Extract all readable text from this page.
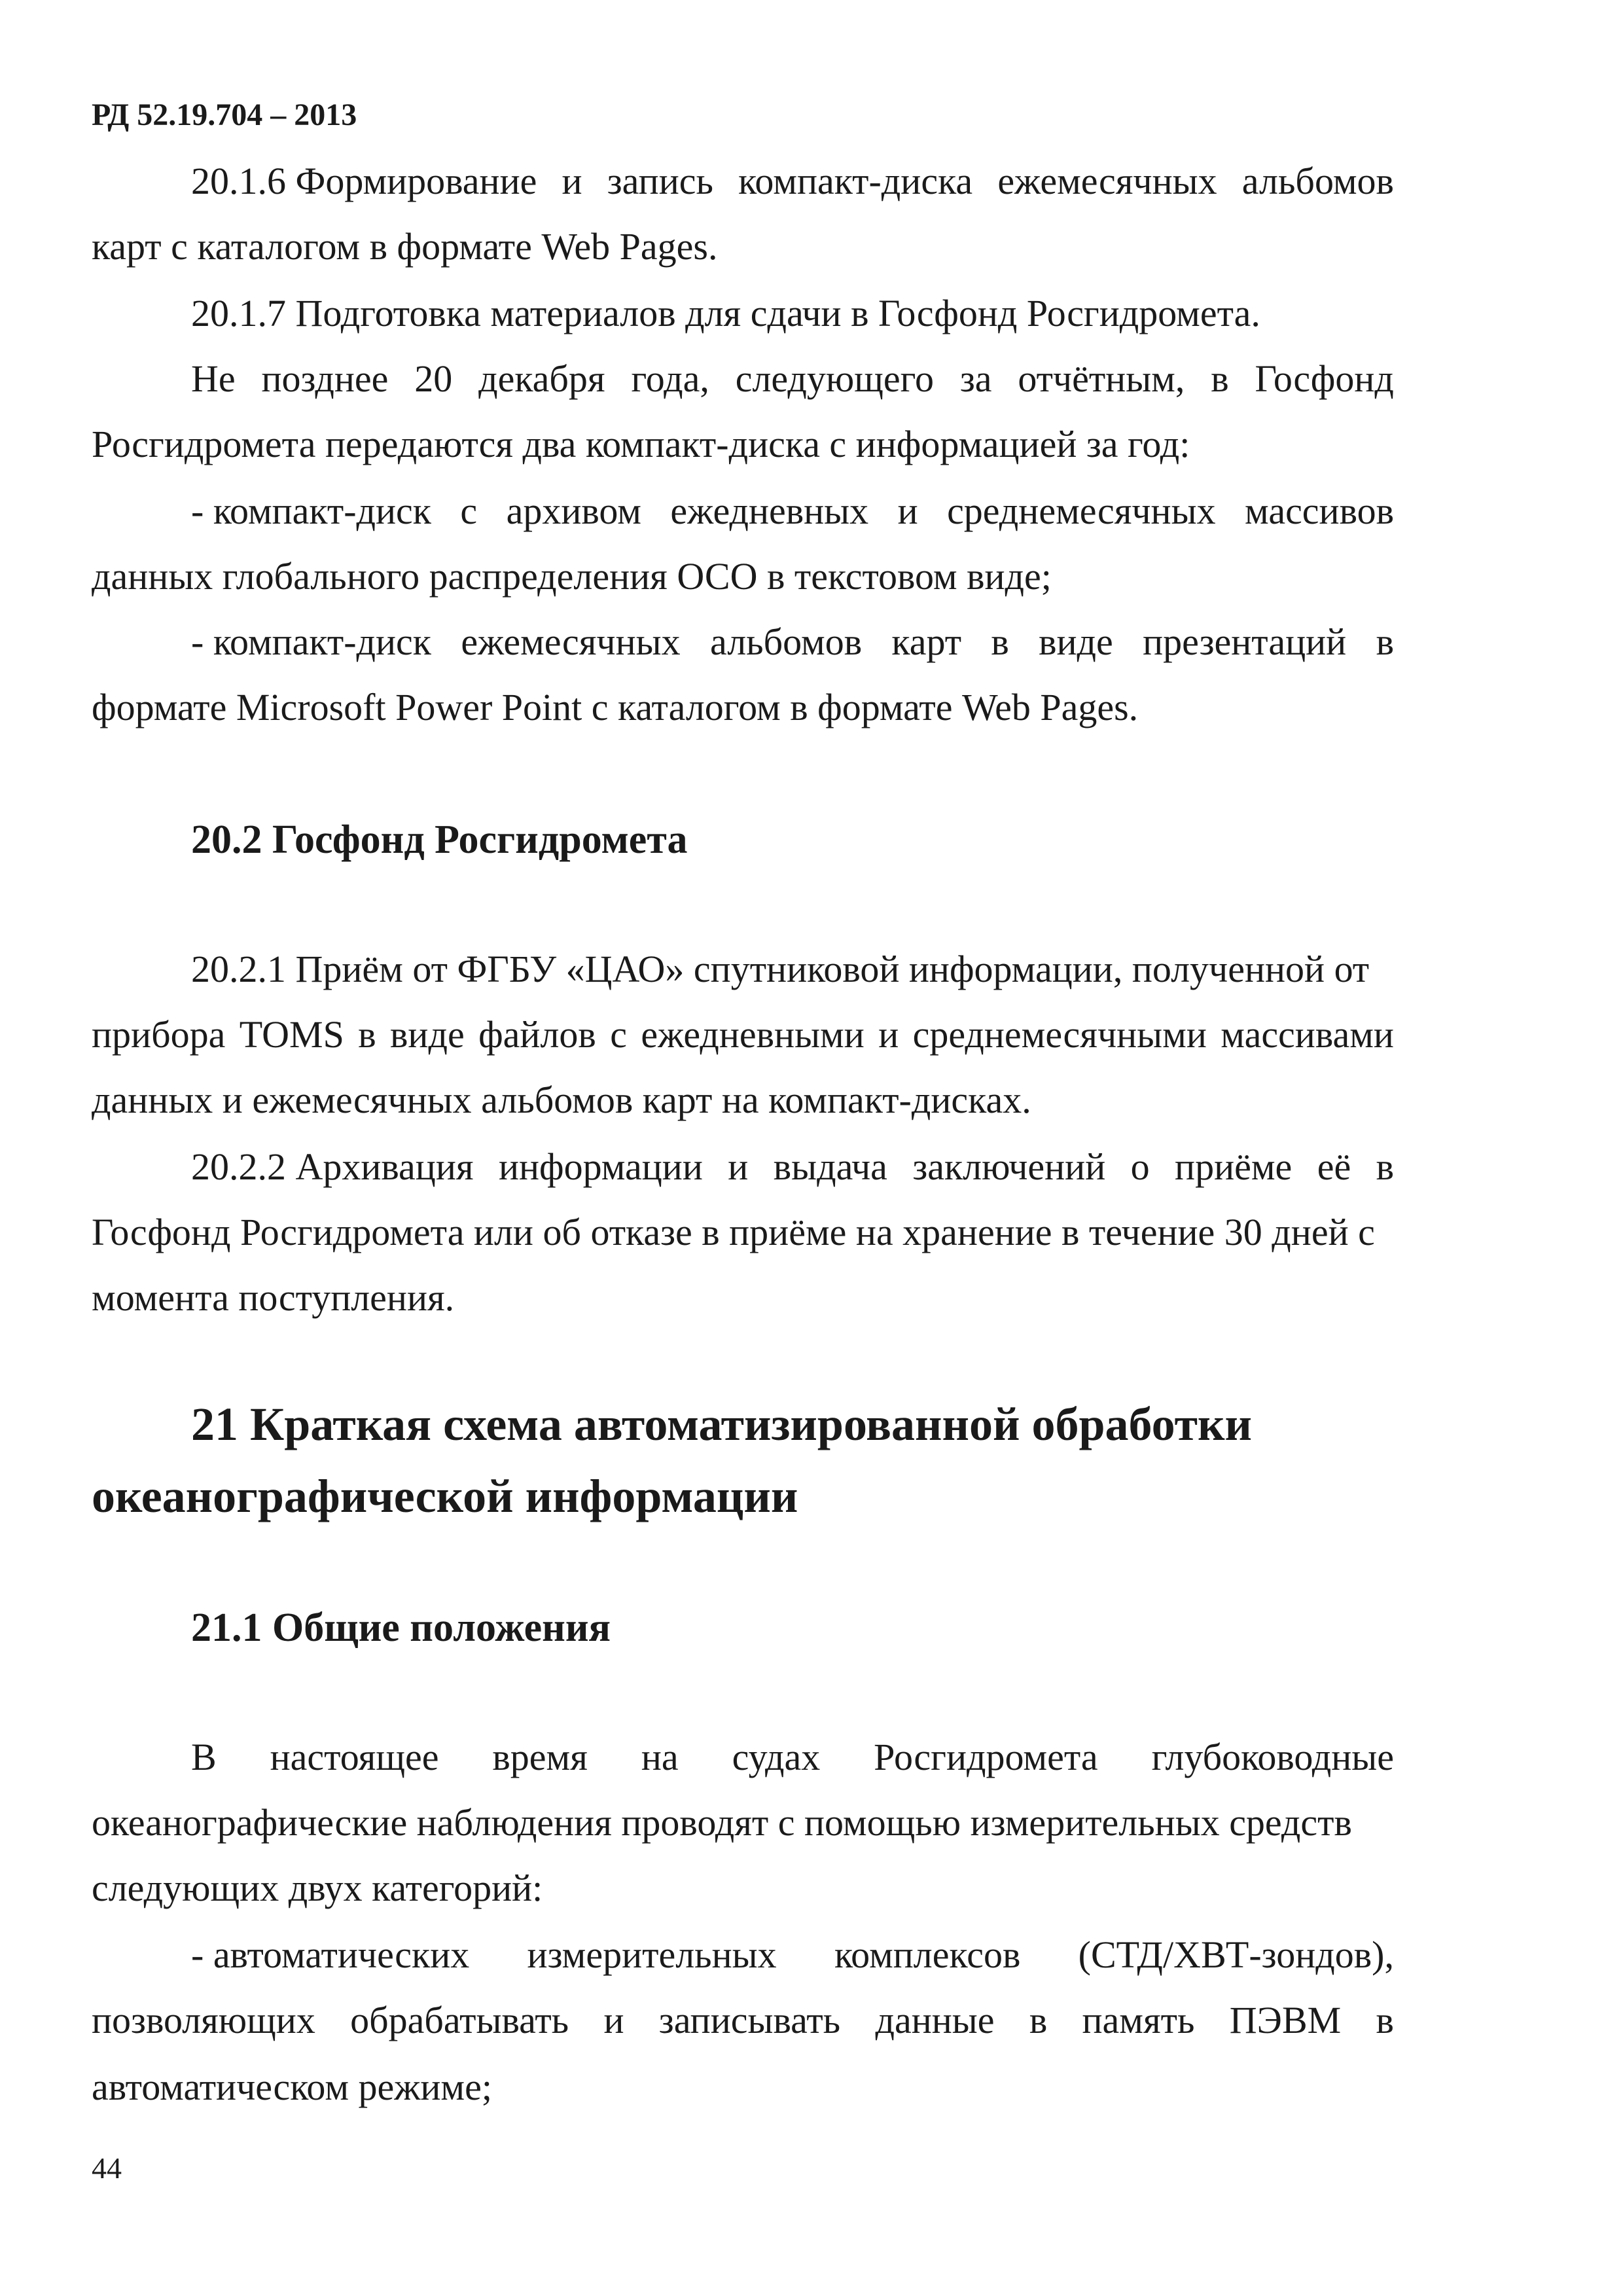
РД 52.19.704 – 2013
20.1.6 Формирование и запись компакт-диска ежемесячных альбомов
карт с каталогом в формате Web Pages.
20.1.7 Подготовка материалов для сдачи в Госфонд Росгидромета.
Не позднее 20 декабря года, следующего за отчётным, в Госфонд
Росгидромета передаются два компакт-диска с информацией за год:
- компакт-диск с архивом ежедневных и среднемесячных массивов
данных глобального распределения ОСО в текстовом виде;
- компакт-диск ежемесячных альбомов карт в виде презентаций в
формате Microsoft Power Point с каталогом в формате Web Pages.
20.2 Госфонд Росгидромета
20.2.1 Приём от ФГБУ «ЦАО» спутниковой информации, полученной от
прибора TOMS в виде файлов с ежедневными и среднемесячными массивами
данных и ежемесячных альбомов карт на компакт-дисках.
20.2.2 Архивация информации и выдача заключений о приёме её в
Госфонд Росгидромета или об отказе в приёме на хранение в течение 30 дней с
момента поступления.
21 Краткая схема автоматизированной обработки
океанографической информации
21.1 Общие положения
В настоящее время на судах Росгидромета глубоководные
океанографические наблюдения проводят с помощью измерительных средств
следующих двух категорий:
- автоматических измерительных комплексов (СТД/ХВТ-зондов),
позволяющих обрабатывать и записывать данные в память ПЭВМ в
автоматическом режиме;
44
